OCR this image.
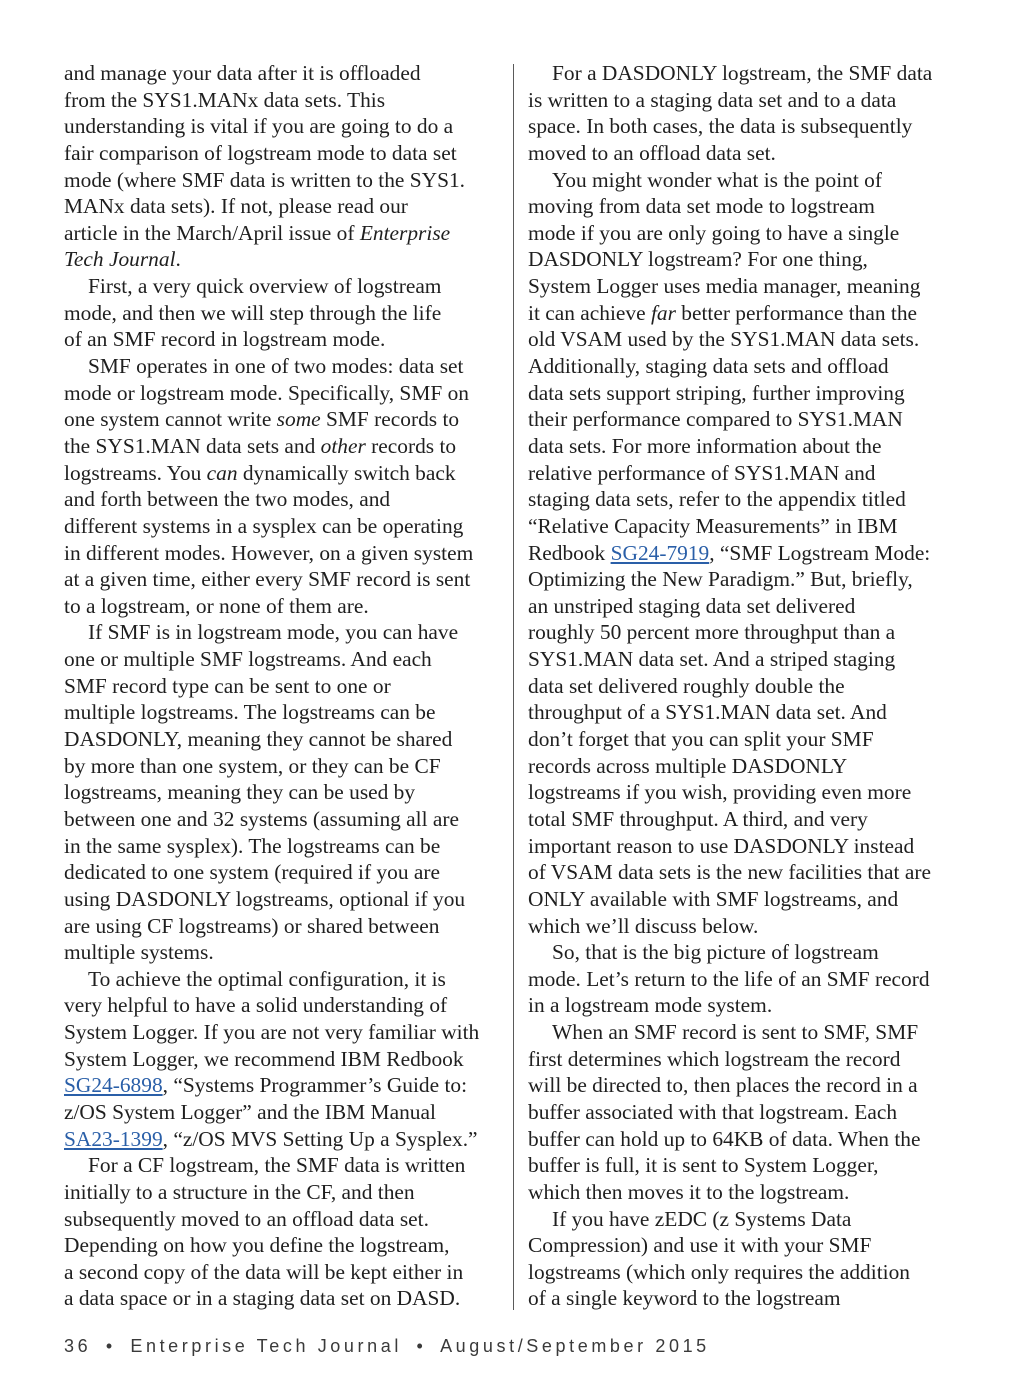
and manage your data after it is offloaded
from the SYS1.MANx data sets. This
understanding is vital if you are going to do a
fair comparison of logstream mode to data set
mode (where SMF data is written to the SYS1.
MANx data sets). If not, please read our
article in the March/April issue of Enterprise
Tech Journal.
First, a very quick overview of logstream
mode, and then we will step through the life
of an SMF record in logstream mode.
SMF operates in one of two modes: data set
mode or logstream mode. Specifically, SMF on
one system cannot write some SMF records to
the SYS1.MAN data sets and other records to
logstreams. You can dynamically switch back
and forth between the two modes, and
different systems in a sysplex can be operating
in different modes. However, on a given system
at a given time, either every SMF record is sent
to a logstream, or none of them are.
If SMF is in logstream mode, you can have
one or multiple SMF logstreams. And each
SMF record type can be sent to one or
multiple logstreams. The logstreams can be
DASDONLY, meaning they cannot be shared
by more than one system, or they can be CF
logstreams, meaning they can be used by
between one and 32 systems (assuming all are
in the same sysplex). The logstreams can be
dedicated to one system (required if you are
using DASDONLY logstreams, optional if you
are using CF logstreams) or shared between
multiple systems.
To achieve the optimal configuration, it is
very helpful to have a solid understanding of
System Logger. If you are not very familiar with
System Logger, we recommend IBM Redbook
SG24-6898, “Systems Programmer’s Guide to:
z/OS System Logger” and the IBM Manual
SA23-1399, “z/OS MVS Setting Up a Sysplex.”
For a CF logstream, the SMF data is written
initially to a structure in the CF, and then
subsequently moved to an offload data set.
Depending on how you define the logstream,
a second copy of the data will be kept either in
a data space or in a staging data set on DASD.
For a DASDONLY logstream, the SMF data
is written to a staging data set and to a data
space. In both cases, the data is subsequently
moved to an offload data set.
You might wonder what is the point of
moving from data set mode to logstream
mode if you are only going to have a single
DASDONLY logstream? For one thing,
System Logger uses media manager, meaning
it can achieve far better performance than the
old VSAM used by the SYS1.MAN data sets.
Additionally, staging data sets and offload
data sets support striping, further improving
their performance compared to SYS1.MAN
data sets. For more information about the
relative performance of SYS1.MAN and
staging data sets, refer to the appendix titled
“Relative Capacity Measurements” in IBM
Redbook SG24-7919, “SMF Logstream Mode:
Optimizing the New Paradigm.” But, briefly,
an unstriped staging data set delivered
roughly 50 percent more throughput than a
SYS1.MAN data set. And a striped staging
data set delivered roughly double the
throughput of a SYS1.MAN data set. And
don’t forget that you can split your SMF
records across multiple DASDONLY
logstreams if you wish, providing even more
total SMF throughput. A third, and very
important reason to use DASDONLY instead
of VSAM data sets is the new facilities that are
ONLY available with SMF logstreams, and
which we’ll discuss below.
So, that is the big picture of logstream
mode. Let’s return to the life of an SMF record
in a logstream mode system.
When an SMF record is sent to SMF, SMF
first determines which logstream the record
will be directed to, then places the record in a
buffer associated with that logstream. Each
buffer can hold up to 64KB of data. When the
buffer is full, it is sent to System Logger,
which then moves it to the logstream.
If you have zEDC (z Systems Data
Compression) and use it with your SMF
logstreams (which only requires the addition
of a single keyword to the logstream
36 • Enterprise Tech Journal • August/September 2015
